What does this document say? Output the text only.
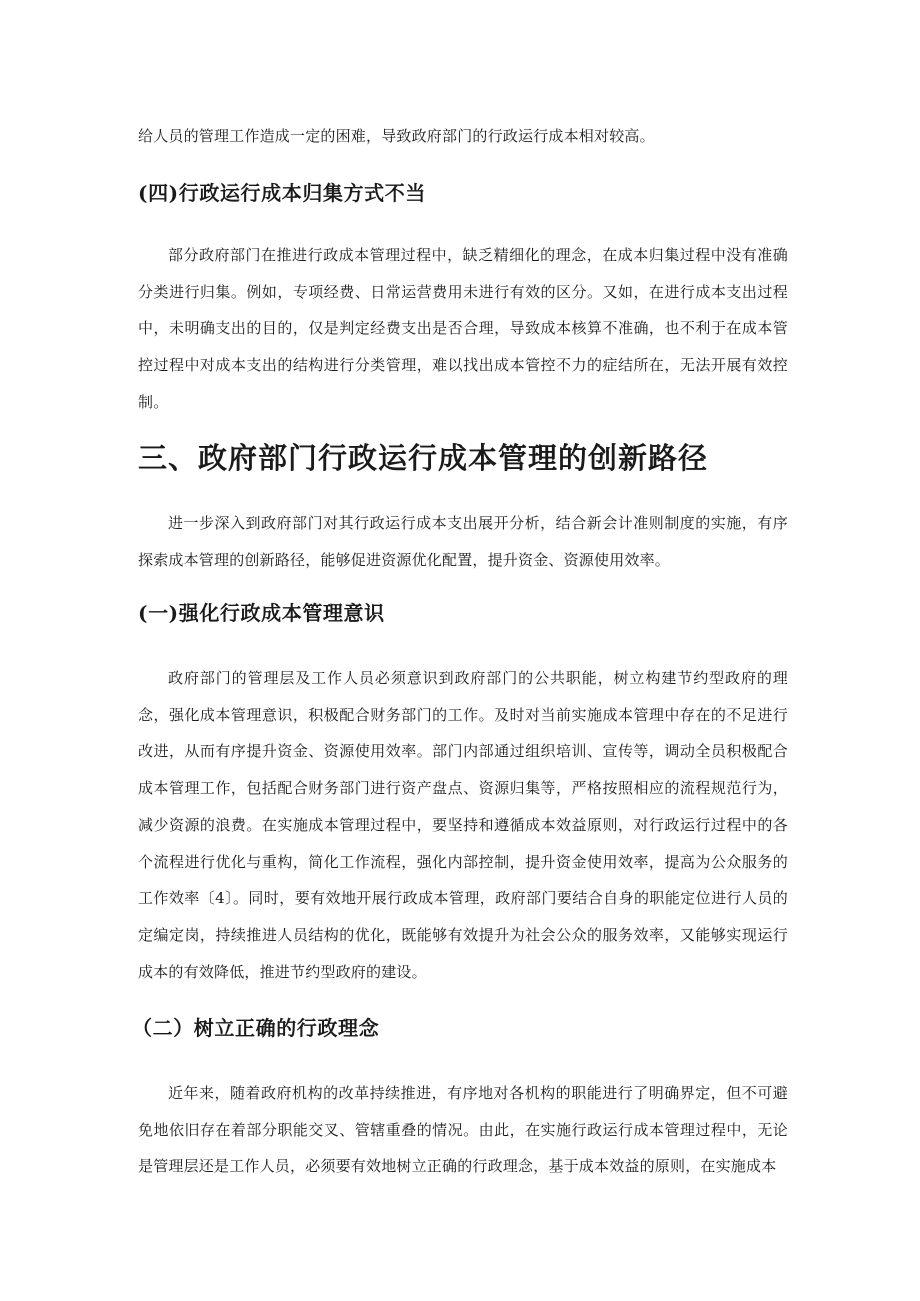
给人员的管理工作造成一定的困难，导致政府部门的行政运行成本相对较高。

(四)行政运行成本归集方式不当

部分政府部门在推进行政成本管理过程中，缺乏精细化的理念，在成本归集过程中没有准确分类进行归集。例如，专项经费、日常运营费用未进行有效的区分。又如，在进行成本支出过程中，未明确支出的目的，仅是判定经费支出是否合理，导致成本核算不准确，也不利于在成本管控过程中对成本支出的结构进行分类管理，难以找出成本管控不力的症结所在，无法开展有效控制。

三、政府部门行政运行成本管理的创新路径

进一步深入到政府部门对其行政运行成本支出展开分析，结合新会计准则制度的实施，有序探索成本管理的创新路径，能够促进资源优化配置，提升资金、资源使用效率。

(一)强化行政成本管理意识

政府部门的管理层及工作人员必须意识到政府部门的公共职能，树立构建节约型政府的理念，强化成本管理意识，积极配合财务部门的工作。及时对当前实施成本管理中存在的不足进行改进，从而有序提升资金、资源使用效率。部门内部通过组织培训、宣传等，调动全员积极配合成本管理工作，包括配合财务部门进行资产盘点、资源归集等，严格按照相应的流程规范行为，减少资源的浪费。在实施成本管理过程中，要坚持和遵循成本效益原则，对行政运行过程中的各个流程进行优化与重构，简化工作流程，强化内部控制，提升资金使用效率，提高为公众服务的工作效率〔4〕。同时，要有效地开展行政成本管理，政府部门要结合自身的职能定位进行人员的定编定岗，持续推进人员结构的优化，既能够有效提升为社会公众的服务效率，又能够实现运行成本的有效降低，推进节约型政府的建设。

（二）树立正确的行政理念

近年来，随着政府机构的改革持续推进，有序地对各机构的职能进行了明确界定，但不可避免地依旧存在着部分职能交叉、管辖重叠的情况。由此，在实施行政运行成本管理过程中，无论是管理层还是工作人员，必须要有效地树立正确的行政理念，基于成本效益的原则，在实施成本
